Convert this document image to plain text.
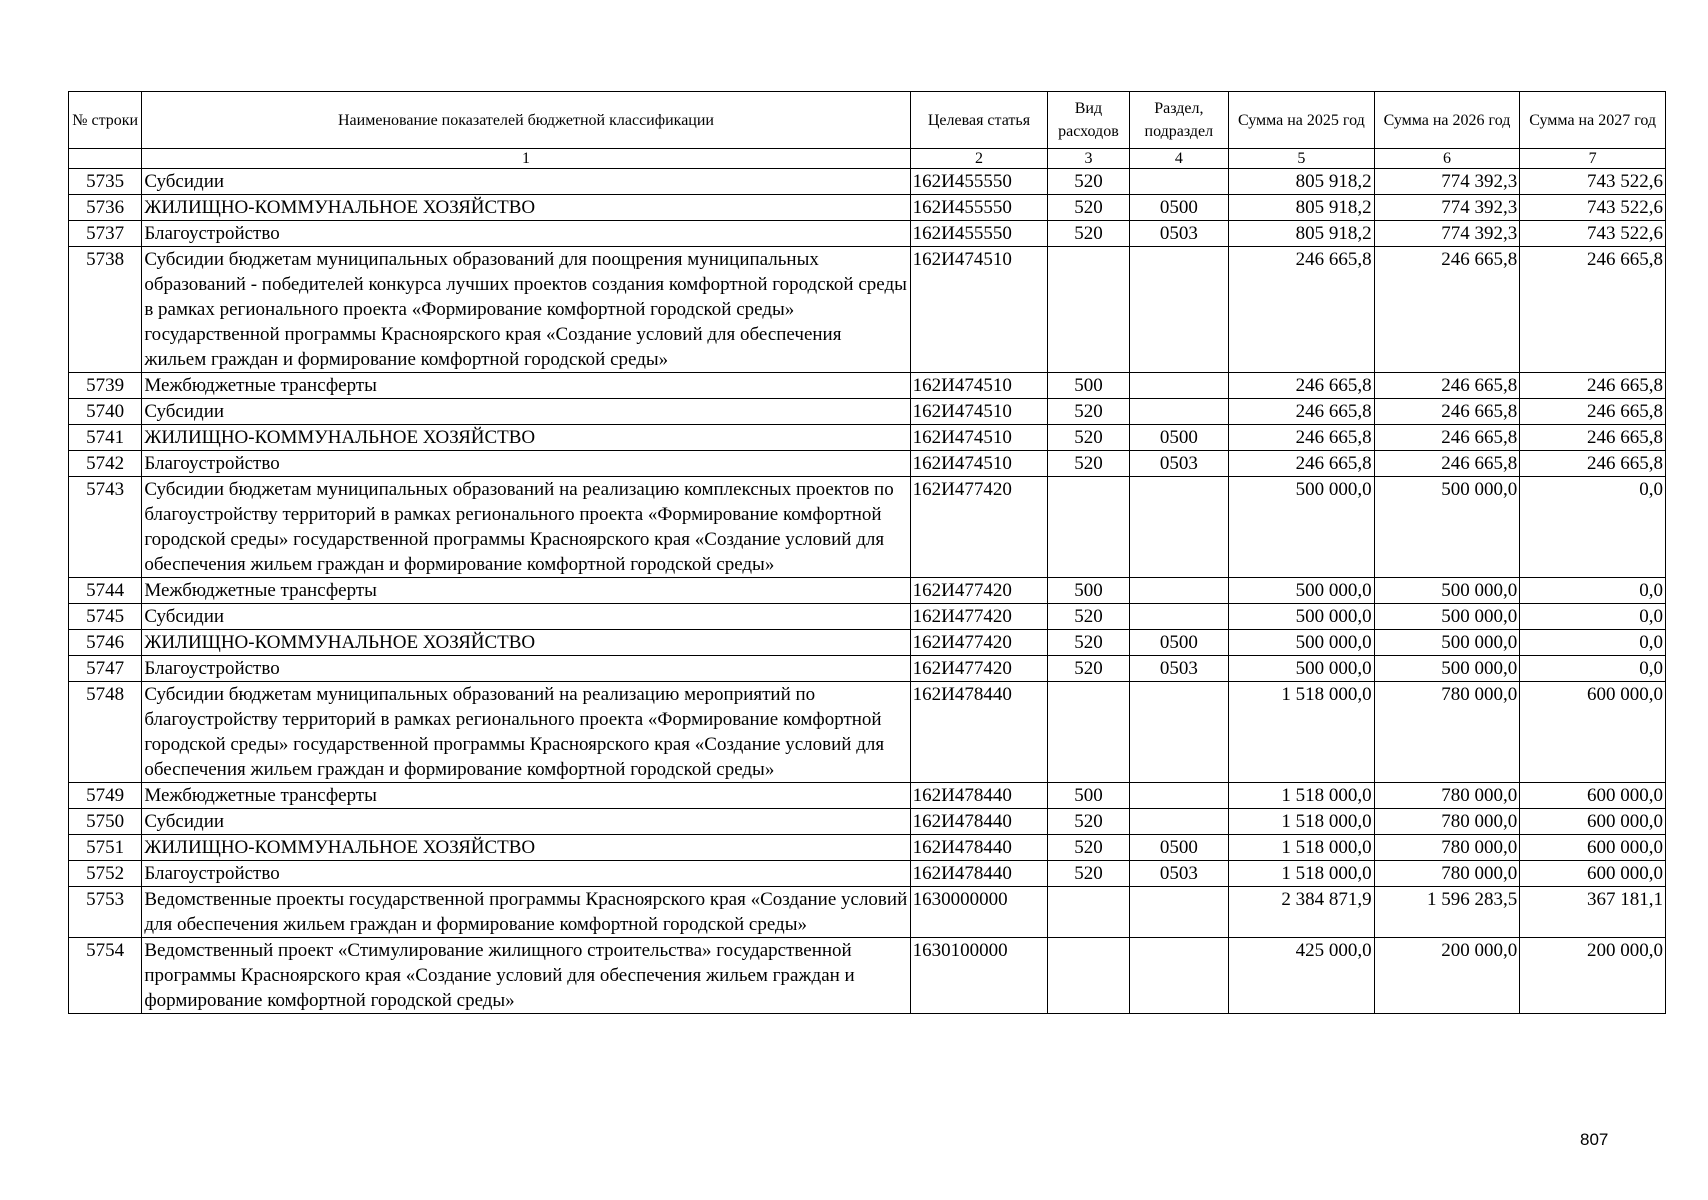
№ строки	Наименование показателей бюджетной классификации	Целевая статья	Вид расходов	Раздел, подраздел	Сумма на 2025 год	Сумма на 2026 год	Сумма на 2027 год
	1	2	3	4	5	6	7
5735	Субсидии	162И455550	520		805 918,2	774 392,3	743 522,6
5736	ЖИЛИЩНО-КОММУНАЛЬНОЕ ХОЗЯЙСТВО	162И455550	520	0500	805 918,2	774 392,3	743 522,6
5737	Благоустройство	162И455550	520	0503	805 918,2	774 392,3	743 522,6
5738	Субсидии бюджетам муниципальных образований для поощрения муниципальных образований - победителей конкурса лучших проектов создания комфортной городской среды в рамках регионального проекта «Формирование комфортной городской среды» государственной программы Красноярского края «Создание условий для обеспечения жильем граждан и формирование комфортной городской среды»	162И474510			246 665,8	246 665,8	246 665,8
5739	Межбюджетные трансферты	162И474510	500		246 665,8	246 665,8	246 665,8
5740	Субсидии	162И474510	520		246 665,8	246 665,8	246 665,8
5741	ЖИЛИЩНО-КОММУНАЛЬНОЕ ХОЗЯЙСТВО	162И474510	520	0500	246 665,8	246 665,8	246 665,8
5742	Благоустройство	162И474510	520	0503	246 665,8	246 665,8	246 665,8
5743	Субсидии бюджетам муниципальных образований на реализацию комплексных проектов по благоустройству территорий в рамках регионального проекта «Формирование комфортной городской среды» государственной программы Красноярского края «Создание условий для обеспечения жильем граждан и формирование комфортной городской среды»	162И477420			500 000,0	500 000,0	0,0
5744	Межбюджетные трансферты	162И477420	500		500 000,0	500 000,0	0,0
5745	Субсидии	162И477420	520		500 000,0	500 000,0	0,0
5746	ЖИЛИЩНО-КОММУНАЛЬНОЕ ХОЗЯЙСТВО	162И477420	520	0500	500 000,0	500 000,0	0,0
5747	Благоустройство	162И477420	520	0503	500 000,0	500 000,0	0,0
5748	Субсидии бюджетам муниципальных образований на реализацию мероприятий по благоустройству территорий в рамках регионального проекта «Формирование комфортной городской среды» государственной программы Красноярского края «Создание условий для обеспечения жильем граждан и формирование комфортной городской среды»	162И478440			1 518 000,0	780 000,0	600 000,0
5749	Межбюджетные трансферты	162И478440	500		1 518 000,0	780 000,0	600 000,0
5750	Субсидии	162И478440	520		1 518 000,0	780 000,0	600 000,0
5751	ЖИЛИЩНО-КОММУНАЛЬНОЕ ХОЗЯЙСТВО	162И478440	520	0500	1 518 000,0	780 000,0	600 000,0
5752	Благоустройство	162И478440	520	0503	1 518 000,0	780 000,0	600 000,0
5753	Ведомственные проекты государственной программы Красноярского края «Создание условий для обеспечения жильем граждан и формирование комфортной городской среды»	1630000000			2 384 871,9	1 596 283,5	367 181,1
5754	Ведомственный проект «Стимулирование жилищного строительства» государственной программы Красноярского края «Создание условий для обеспечения жильем граждан и формирование комфортной городской среды»	1630100000			425 000,0	200 000,0	200 000,0
807
